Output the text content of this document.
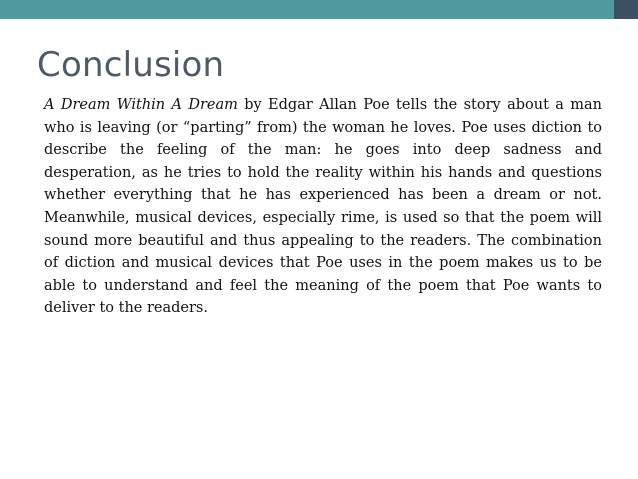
Conclusion
A Dream Within A Dream by Edgar Allan Poe tells the story about a man who is leaving (or “parting” from) the woman he loves. Poe uses diction to describe the feeling of the man: he goes into deep sadness and desperation, as he tries to hold the reality within his hands and questions whether everything that he has experienced has been a dream or not. Meanwhile, musical devices, especially rime, is used so that the poem will sound more beautiful and thus appealing to the readers. The combination of diction and musical devices that Poe uses in the poem makes us to be able to understand and feel the meaning of the poem that Poe wants to deliver to the readers.
